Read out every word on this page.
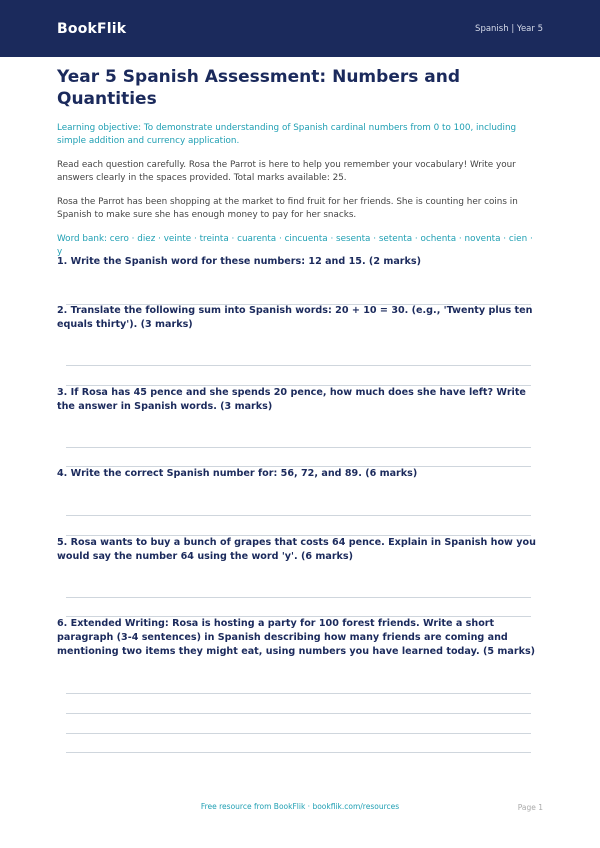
BookFlik	Spanish | Year 5
Year 5 Spanish Assessment: Numbers and Quantities
Learning objective: To demonstrate understanding of Spanish cardinal numbers from 0 to 100, including simple addition and currency application.
Read each question carefully. Rosa the Parrot is here to help you remember your vocabulary! Write your answers clearly in the spaces provided. Total marks available: 25.
Rosa the Parrot has been shopping at the market to find fruit for her friends. She is counting her coins in Spanish to make sure she has enough money to pay for her snacks.
Word bank: cero · diez · veinte · treinta · cuarenta · cincuenta · sesenta · setenta · ochenta · noventa · cien · y
1. Write the Spanish word for these numbers: 12 and 15. (2 marks)
2. Translate the following sum into Spanish words: 20 + 10 = 30. (e.g., 'Twenty plus ten equals thirty'). (3 marks)
3. If Rosa has 45 pence and she spends 20 pence, how much does she have left? Write the answer in Spanish words. (3 marks)
4. Write the correct Spanish number for: 56, 72, and 89. (6 marks)
5. Rosa wants to buy a bunch of grapes that costs 64 pence. Explain in Spanish how you would say the number 64 using the word 'y'. (6 marks)
6. Extended Writing: Rosa is hosting a party for 100 forest friends. Write a short paragraph (3-4 sentences) in Spanish describing how many friends are coming and mentioning two items they might eat, using numbers you have learned today. (5 marks)
Free resource from BookFlik · bookflik.com/resources	Page 1
